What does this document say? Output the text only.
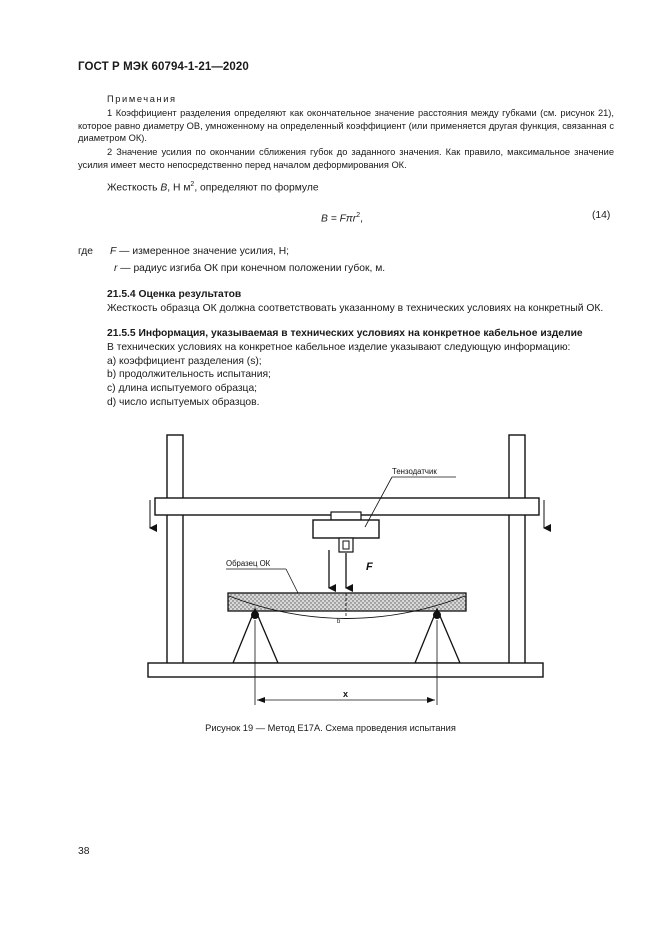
ГОСТ Р МЭК 60794-1-21—2020
Примечания
1 Коэффициент разделения определяют как окончательное значение расстояния между губками (см. рисунок 21), которое равно диаметру ОВ, умноженному на определенный коэффициент (или применяется другая функция, связанная с диаметром ОК).
2 Значение усилия по окончании сближения губок до заданного значения. Как правило, максимальное значение усилия имеет место непосредственно перед началом деформирования ОК.
Жесткость B, Н $м^2$, определяют по формуле
B = Fπr$^2$,	(14)
где F — измеренное значение усилия, Н;
r — радиус изгиба ОК при конечном положении губок, м.
21.5.4 Оценка результатов
Жесткость образца ОК должна соответствовать указанному в технических условиях на конкретный ОК.
21.5.5 Информация, указываемая в технических условиях на конкретное кабельное изделие
В технических условиях на конкретное кабельное изделие указывают следующую информацию:
а) коэффициент разделения (s);
b) продолжительность испытания;
c) длина испытуемого образца;
d) число испытуемых образцов.
Тензодатчик
F
Образец ОК
b
x
Рисунок 19 — Метод Е17А. Схема проведения испытания
38
